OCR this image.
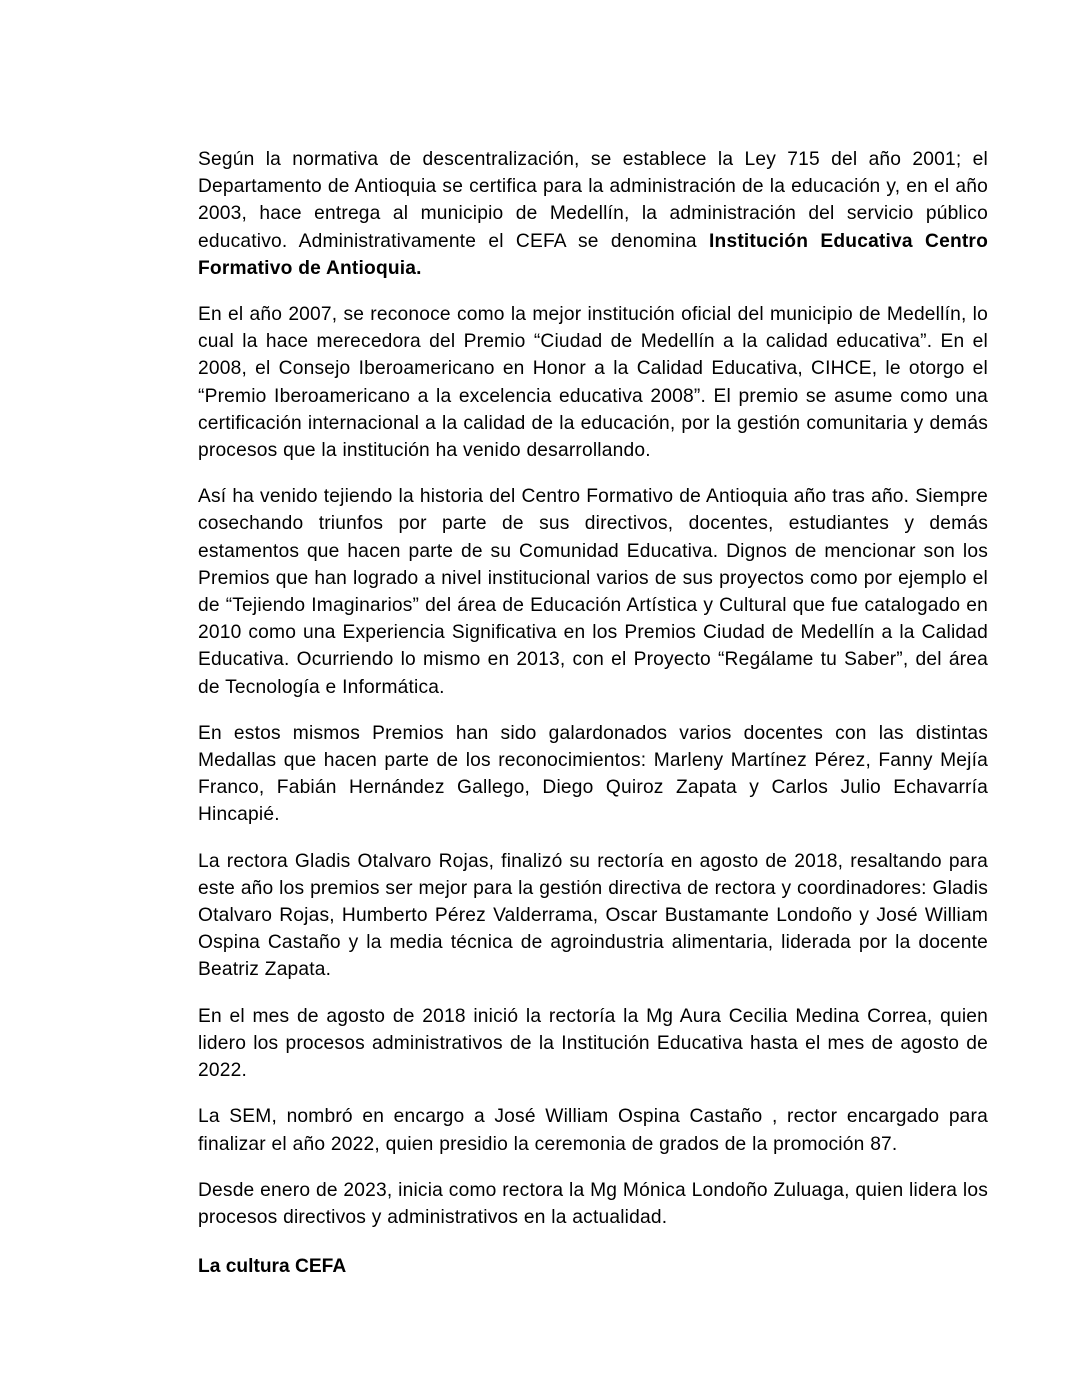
Según la normativa de descentralización, se establece la Ley 715 del año 2001; el Departamento de Antioquia se certifica para la administración de la educación y, en el año 2003, hace entrega al municipio de Medellín, la administración del servicio público educativo. Administrativamente el CEFA se denomina Institución Educativa Centro Formativo de Antioquia.

En el año 2007, se reconoce como la mejor institución oficial del municipio de Medellín, lo cual la hace merecedora del Premio “Ciudad de Medellín a la calidad educativa”. En el 2008, el Consejo Iberoamericano en Honor a la Calidad Educativa, CIHCE, le otorgo el “Premio Iberoamericano a la excelencia educativa 2008”. El premio se asume como una certificación internacional a la calidad de la educación, por la gestión comunitaria y demás procesos que la institución ha venido desarrollando.

Así ha venido tejiendo la historia del Centro Formativo de Antioquia año tras año. Siempre cosechando triunfos por parte de sus directivos, docentes, estudiantes y demás estamentos que hacen parte de su Comunidad Educativa. Dignos de mencionar son los Premios que han logrado a nivel institucional varios de sus proyectos como por ejemplo el de “Tejiendo Imaginarios” del área de Educación Artística y Cultural que fue catalogado en 2010 como una Experiencia Significativa en los Premios Ciudad de Medellín a la Calidad Educativa. Ocurriendo lo mismo en 2013, con el Proyecto “Regálame tu Saber”, del área de Tecnología e Informática.

En estos mismos Premios han sido galardonados varios docentes con las distintas Medallas que hacen parte de los reconocimientos: Marleny Martínez Pérez, Fanny Mejía Franco, Fabián Hernández Gallego, Diego Quiroz Zapata y Carlos Julio Echavarría Hincapié.

La rectora Gladis Otalvaro Rojas, finalizó su rectoría en agosto de 2018, resaltando para este año los premios ser mejor para la gestión directiva de rectora y coordinadores: Gladis Otalvaro Rojas, Humberto Pérez Valderrama, Oscar Bustamante Londoño y José William Ospina Castaño y la media técnica de agroindustria alimentaria, liderada por la docente Beatriz Zapata.

En el mes de agosto de 2018 inició la rectoría la Mg Aura Cecilia Medina Correa, quien lidero los procesos administrativos de la Institución Educativa hasta el mes de agosto de 2022.

La SEM, nombró en encargo a José William Ospina Castaño , rector encargado para finalizar el año 2022, quien presidio la ceremonia de grados de la promoción 87.

Desde enero de 2023, inicia como rectora la Mg Mónica Londoño Zuluaga, quien lidera los procesos directivos y administrativos en la actualidad.

La cultura CEFA
